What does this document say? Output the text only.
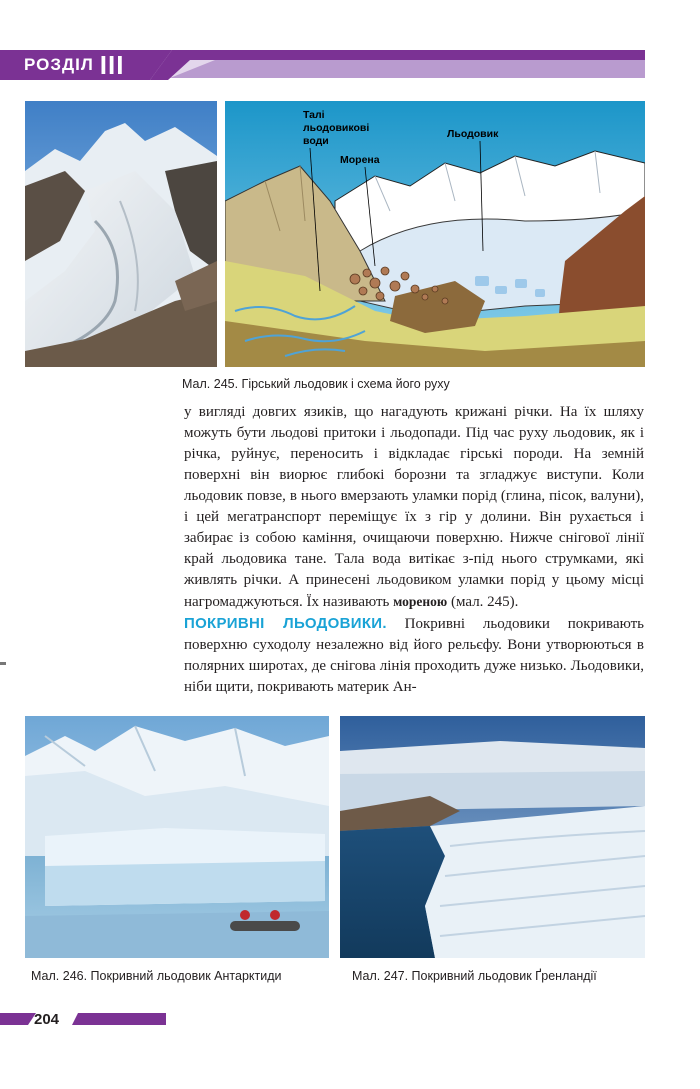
РОЗДІЛ III
Талі
льодовикові
води
Морена
Льодовик
Мал. 245. Гірський льодовик і схема його руху

у вигляді довгих язиків, що нагадують крижані річки. На їх шляху можуть бути льодові притоки і льодопади. Під час руху льодовик, як і річка, руйнує, переносить і відкладає гірські породи. На земній поверхні він виорює глибокі борозни та згладжує виступи. Коли льодовик повзе, в нього вмерзають уламки порід (глина, пісок, валуни), і цей мегатранспорт переміщує їх з гір у долини. Він рухається і забирає із собою каміння, очищаючи поверхню. Нижче снігової лінії край льодовика тане. Тала вода витікає з-під нього струмками, які живлять річки. А принесені льодовиком уламки порід у цьому місці нагромаджуються. Їх називають мореною (мал. 245).

ПОКРИВНІ ЛЬОДОВИКИ. Покривні льодовики покривають поверхню суходолу незалежно від його рельєфу. Вони утворюються в полярних широтах, де снігова лінія проходить дуже низько. Льодовики, ніби щити, покривають материк Ан-

Мал. 246. Покривний льодовик Антарктиди	Мал. 247. Покривний льодовик Ґренландії
204
